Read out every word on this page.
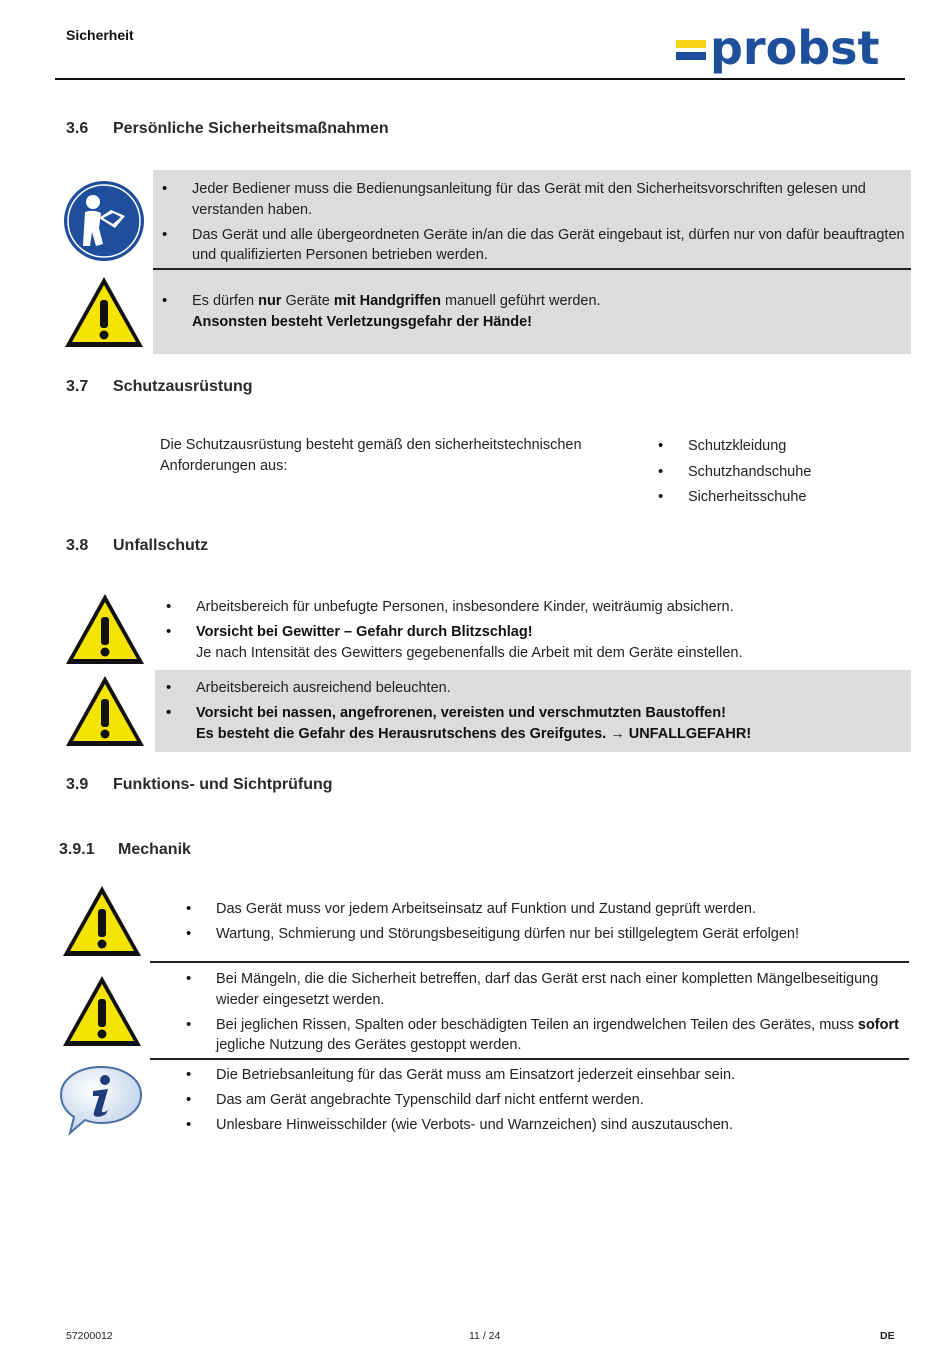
Sicherheit	probst
3.6 Persönliche Sicherheitsmaßnahmen
• Jeder Bediener muss die Bedienungsanleitung für das Gerät mit den Sicherheitsvorschriften gelesen und verstanden haben.
• Das Gerät und alle übergeordneten Geräte in/an die das Gerät eingebaut ist, dürfen nur von dafür beauftragten und qualifizierten Personen betrieben werden.
• Es dürfen nur Geräte mit Handgriffen manuell geführt werden.
Ansonsten besteht Verletzungsgefahr der Hände!
3.7 Schutzausrüstung
Die Schutzausrüstung besteht gemäß den sicherheitstechnischen Anforderungen aus:
• Schutzkleidung
• Schutzhandschuhe
• Sicherheitsschuhe
3.8 Unfallschutz
• Arbeitsbereich für unbefugte Personen, insbesondere Kinder, weiträumig absichern.
• Vorsicht bei Gewitter – Gefahr durch Blitzschlag!
Je nach Intensität des Gewitters gegebenenfalls die Arbeit mit dem Geräte einstellen.
• Arbeitsbereich ausreichend beleuchten.
• Vorsicht bei nassen, angefrorenen, vereisten und verschmutzten Baustoffen!
Es besteht die Gefahr des Herausrutschens des Greifgutes. → UNFALLGEFAHR!
3.9 Funktions- und Sichtprüfung
3.9.1 Mechanik
• Das Gerät muss vor jedem Arbeitseinsatz auf Funktion und Zustand geprüft werden.
• Wartung, Schmierung und Störungsbeseitigung dürfen nur bei stillgelegtem Gerät erfolgen!
• Bei Mängeln, die die Sicherheit betreffen, darf das Gerät erst nach einer kompletten Mängelbeseitigung wieder eingesetzt werden.
• Bei jeglichen Rissen, Spalten oder beschädigten Teilen an irgendwelchen Teilen des Gerätes, muss sofort jegliche Nutzung des Gerätes gestoppt werden.
• Die Betriebsanleitung für das Gerät muss am Einsatzort jederzeit einsehbar sein.
• Das am Gerät angebrachte Typenschild darf nicht entfernt werden.
• Unlesbare Hinweisschilder (wie Verbots- und Warnzeichen) sind auszutauschen.
57200012	11 / 24	DE
